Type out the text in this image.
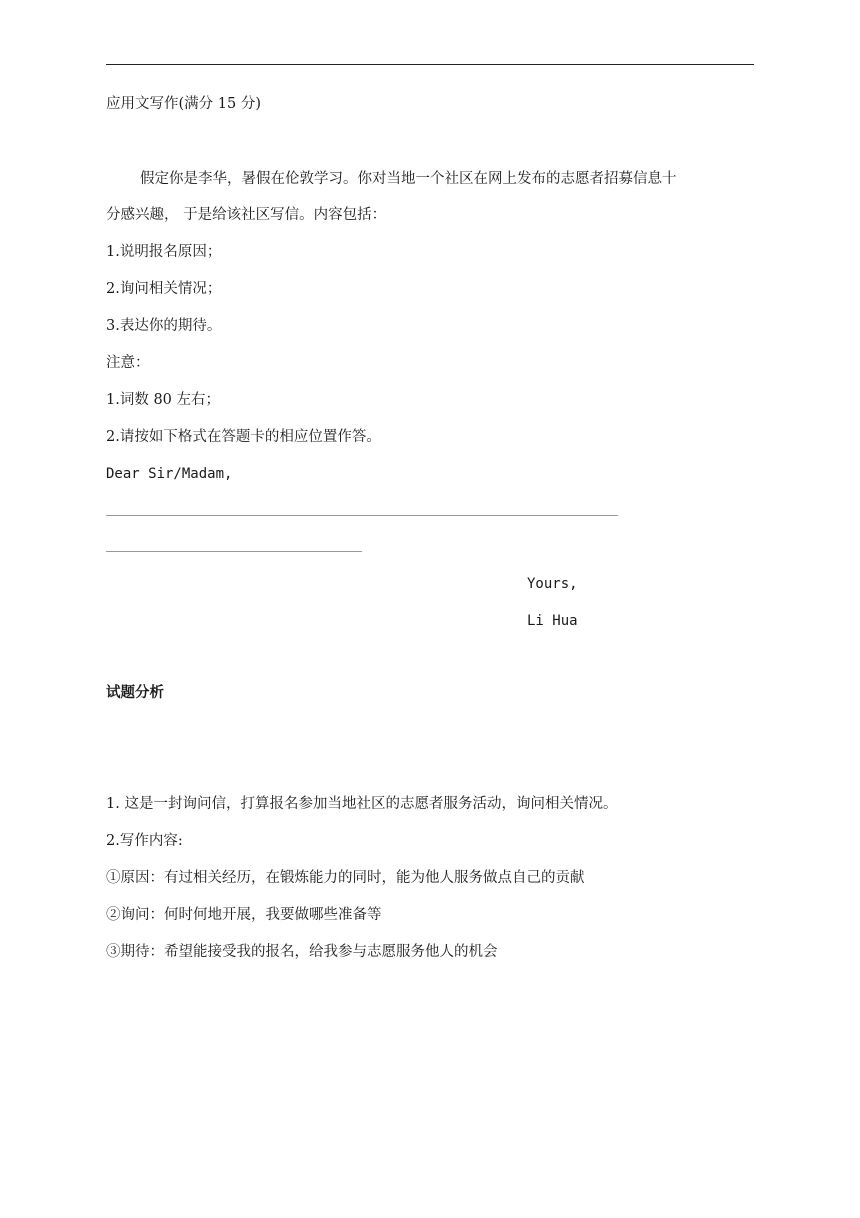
应用文写作(满分 15 分)
假定你是李华，暑假在伦敦学习。你对当地一个社区在网上发布的志愿者招募信息十
分感兴趣， 于是给该社区写信。内容包括：
1.说明报名原因；
2.询问相关情况；
3.表达你的期待。
注意：
1.词数 80 左右；
2.请按如下格式在答题卡的相应位置作答。
Dear Sir/Madam,
Yours,
Li Hua
试题分析
1. 这是一封询问信，打算报名参加当地社区的志愿者服务活动，询问相关情况。
2.写作内容:
①原因：有过相关经历，在锻炼能力的同时，能为他人服务做点自己的贡献
②询问：何时何地开展，我要做哪些准备等
③期待：希望能接受我的报名，给我参与志愿服务他人的机会
